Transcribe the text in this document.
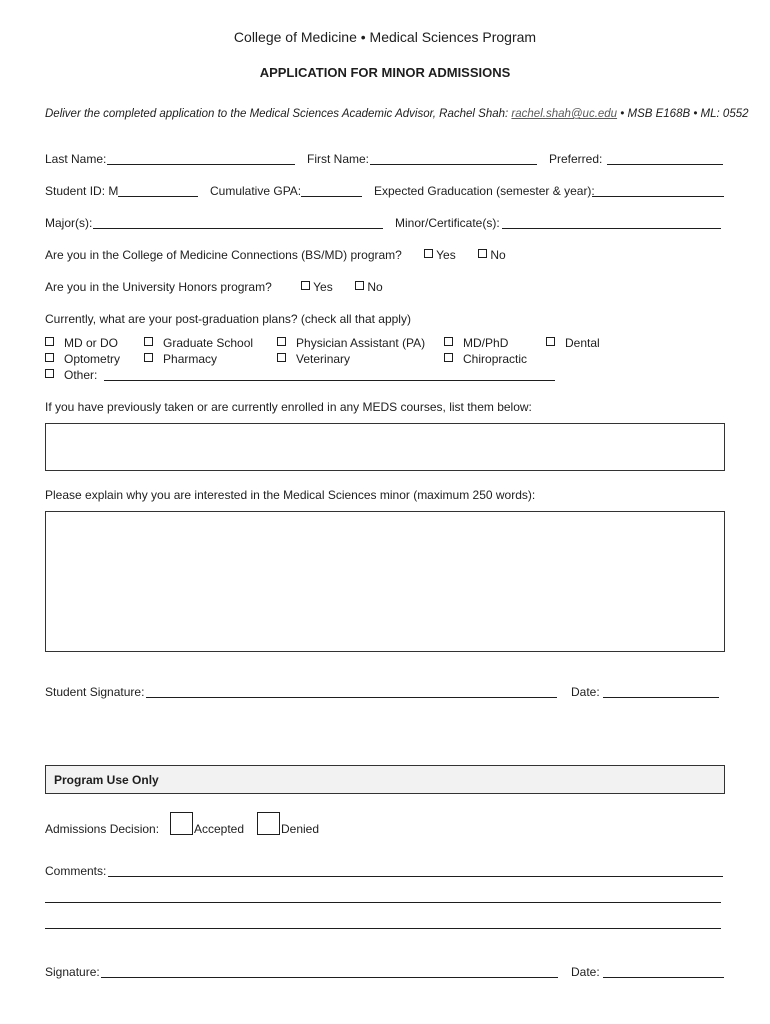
College of Medicine • Medical Sciences Program
APPLICATION FOR MINOR ADMISSIONS
Deliver the completed application to the Medical Sciences Academic Advisor, Rachel Shah: rachel.shah@uc.edu • MSB E168B • ML: 0552
Last Name:	First Name:	Preferred:
Student ID: M	Cumulative GPA:	Expected Graducation (semester & year):
Major(s):	Minor/Certificate(s):
Are you in the College of Medicine Connections (BS/MD) program?	Yes	No
Are you in the University Honors program?	Yes	No
Currently, what are your post-graduation plans? (check all that apply)
MD or DO	Graduate School	Physician Assistant (PA)	MD/PhD	Dental
Optometry	Pharmacy	Veterinary	Chiropractic
Other:
If you have previously taken or are currently enrolled in any MEDS courses, list them below:
Please explain why you are interested in the Medical Sciences minor (maximum 250 words):
Student Signature:	Date:
Program Use Only
Admissions Decision:	Accepted	Denied
Comments:
Signature:	Date:
